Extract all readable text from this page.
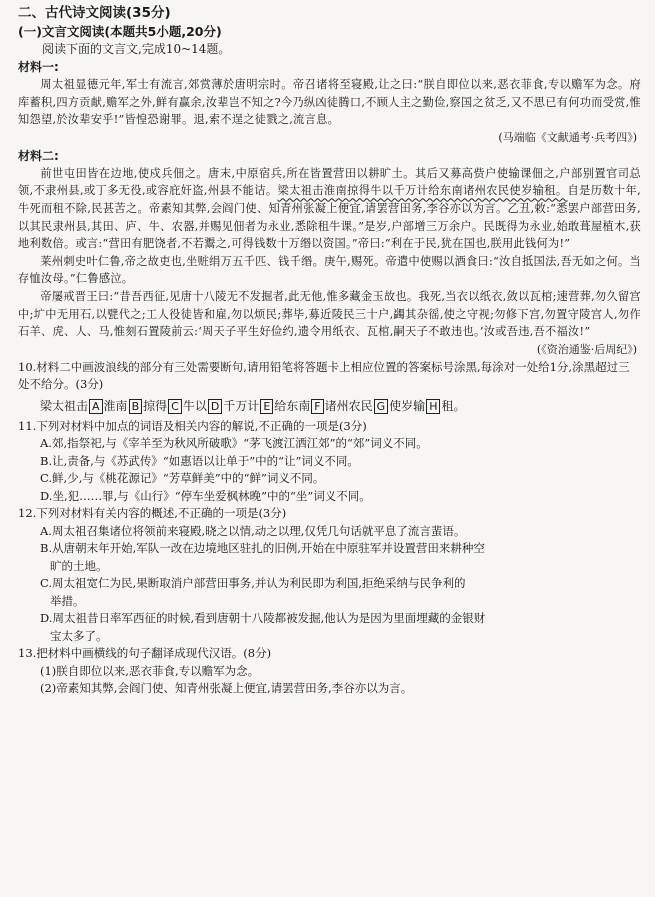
二、古代诗文阅读(35分)

(一)文言文阅读(本题共5小题,20分)

阅读下面的文言文,完成10~14题。

材料一:

周太祖显德元年,军士有流言,郊赏薄於唐明宗时。帝召诸将至寝殿,让之曰:“朕自即位以来,恶衣菲食,专以赡军为念。府库蓄积,四方贡献,赡军之外,鲜有赢余,汝辈岂不知之?今乃纵凶徒腾口,不顾人主之勤俭,察国之贫乏,又不思已有何功而受赏,惟知怨望,於汝辈安乎!”皆惶恐谢罪。退,索不逞之徒戮之,流言息。

(马端临《文献通考·兵考四》)

材料二:

前世屯田皆在边地,使戍兵佃之。唐末,中原宿兵,所在皆置营田以耕旷土。其后又募高赀户使输课佃之,户部别置官司总领,不隶州县,或丁多无役,或容庇奸盗,州县不能诘。梁太祖击淮南掠得牛以千万计给东南诸州农民使岁输租。自是历数十年,牛死而租不除,民甚苦之。帝素知其弊,会阎门使、知青州张凝上便宜,请罢营田务,李谷亦以为言。乙丑,敕:“悉罢户部营田务,以其民隶州县,其田、庐、牛、农器,并赐见佃者为永业,悉除租牛课。”是岁,户部增三万余户。民既得为永业,始敢葺屋植木,获地利数倍。或言:“营田有肥饶者,不若鬻之,可得钱数十万缗以资国。”帝曰:“利在于民,犹在国也,朕用此钱何为!”

莱州刺史叶仁鲁,帝之故吏也,坐赃绢万五千匹、钱千缗。庚午,赐死。帝遣中使赐以酒食曰:“汝自抵国法,吾无如之何。当存恤汝母。”仁鲁感泣。

帝屡戒晋王曰:“昔吾西征,见唐十八陵无不发掘者,此无他,惟多藏金玉故也。我死,当衣以纸衣,敛以瓦棺;速营葬,勿久留宫中;圹中无用石,以甓代之;工人役徒皆和雇,勿以烦民;葬毕,募近陵民三十户,蠲其杂徭,使之守视;勿修下宫,勿置守陵宫人,勿作石羊、虎、人、马,惟刻石置陵前云:‘周天子平生好俭约,遗令用纸衣、瓦棺,嗣天子不敢违也。’汝或吾违,吾不福汝!”

(《资治通鉴·后周纪》)

10.材料二中画波浪线的部分有三处需要断句,请用铅笔将答题卡上相应位置的答案标号涂黑,每涂对一处给1分,涂黑超过三处不给分。(3分)

梁太祖击 A 淮南 B 掠得 C 牛以 D 千万计 E 给东南 F 诸州农民 G 使岁输 H 租。

11.下列对材料中加点的词语及相关内容的解说,不正确的一项是(3分)

A.郊,指祭祀,与《宰羊至为秋风所破歌》“茅飞渡江洒江郊”的“郊”词义不同。

B.让,责备,与《苏武传》“如惠语以让单于”中的“让”词义不同。

C.鲜,少,与《桃花源记》“芳草鲜美”中的“鲜”词义不同。

D.坐,犯……罪,与《山行》“停车坐爱枫林晚”中的“坐”词义不同。

12.下列对材料有关内容的概述,不正确的一项是(3分)

A.周太祖召集诸位将领前来寝殿,晓之以情,动之以理,仅凭几句话就平息了流言蜚语。

B.从唐朝末年开始,军队一改在边境地区驻扎的旧例,开始在中原驻军并设置营田来耕种空

旷的土地。

C.周太祖宽仁为民,果断取消户部营田事务,并认为利民即为利国,拒绝采纳与民争利的

举措。

D.周太祖昔日率军西征的时候,看到唐朝十八陵都被发掘,他认为是因为里面埋藏的金银财

宝太多了。

13.把材料中画横线的句子翻译成现代汉语。(8分)

(1)朕自即位以来,恶衣菲食,专以赡军为念。

(2)帝素知其弊,会阎门使、知青州张凝上便宜,请罢营田务,李谷亦以为言。
